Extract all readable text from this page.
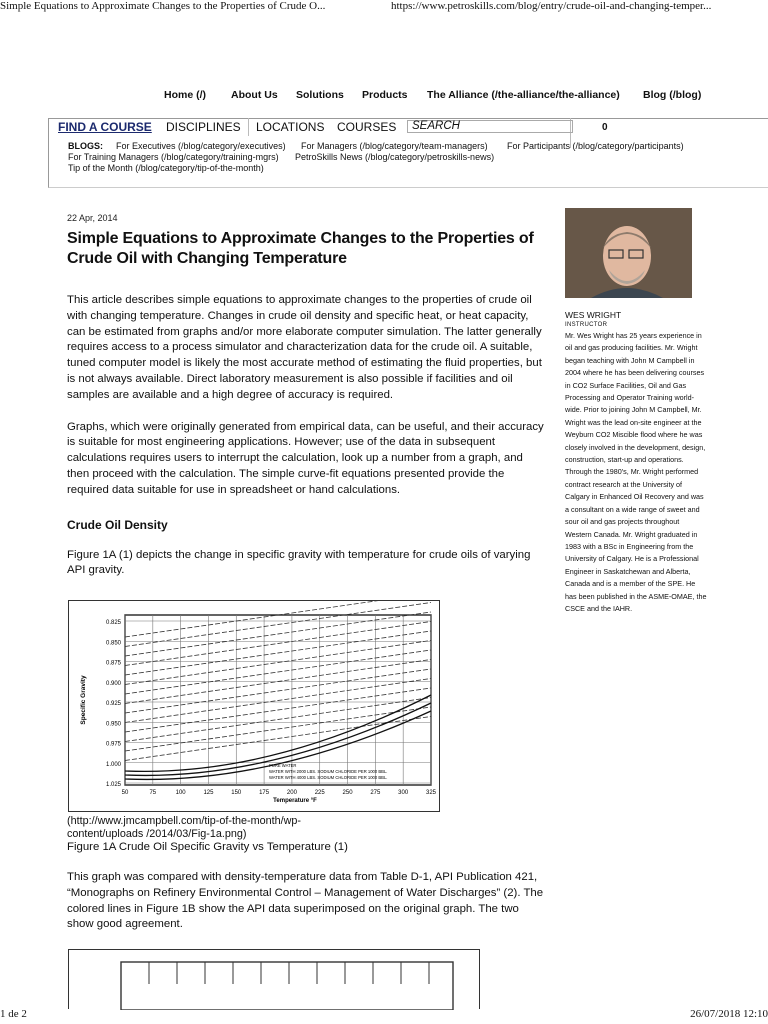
Simple Equations to Approximate Changes to the Properties of Crude O...	https://www.petroskills.com/blog/entry/crude-oil-and-changing-temper...
Home (/) About Us Solutions Products The Alliance (/the-alliance/the-alliance) Blog (/blog)
FIND A COURSE DISCIPLINES LOCATIONS COURSES	0
SEARCH
BLOGS: For Executives (/blog/category/executives) For Managers (/blog/category/team-managers) For Participants (/blog/category/participants)
For Training Managers (/blog/category/training-mgrs) PetroSkills News (/blog/category/petroskills-news)
Tip of the Month (/blog/category/tip-of-the-month)
22 Apr, 2014
Simple Equations to Approximate Changes to the Properties of Crude Oil with Changing Temperature

This article describes simple equations to approximate changes to the properties of crude oil with changing temperature. Changes in crude oil density and specific heat, or heat capacity, can be estimated from graphs and/or more elaborate computer simulation. The latter generally requires access to a process simulator and characterization data for the crude oil. A suitable, tuned computer model is likely the most accurate method of estimating the fluid properties, but is not always available. Direct laboratory measurement is also possible if facilities and oil samples are available and a high degree of accuracy is required.

Graphs, which were originally generated from empirical data, can be useful, and their accuracy is suitable for most engineering applications. However; use of the data in subsequent calculations requires users to interrupt the calculation, look up a number from a graph, and then proceed with the calculation. The simple curve-fit equations presented provide the required data suitable for use in spreadsheet or hand calculations.

Crude Oil Density

Figure 1A (1) depicts the change in specific gravity with temperature for crude oils of varying API gravity.

0.825
0.850
0.875
0.900
0.925
0.950
0.975
1.000
1.025
50	75	100	125	150	175	200	225	250	275	300	325
Temperature °F
Specific Gravity
PURE WATER
WATER WITH 2000 LBS. SODIUM CHLORIDE PER 1000 BBL.
WATER WITH 4000 LBS. SODIUM CHLORIDE PER 1000 BBL.
(http://www.jmcampbell.com/tip-of-the-month/wp-content/uploads /2014/03/Fig-1a.png)
Figure 1A Crude Oil Specific Gravity vs Temperature (1)

This graph was compared with density-temperature data from Table D-1, API Publication 421, “Monographs on Refinery Environmental Control – Management of Water Discharges” (2). The colored lines in Figure 1B show the API data superimposed on the original graph. The two show good agreement.

WES WRIGHT
INSTRUCTOR
Mr. Wes Wright has 25 years experience in oil and gas producing facilities. Mr. Wright began teaching with John M Campbell in 2004 where he has been delivering courses in CO2 Surface Facilities, Oil and Gas Processing and Operator Training world-wide. Prior to joining John M Campbell, Mr. Wright was the lead on-site engineer at the Weyburn CO2 Miscible flood where he was closely involved in the development, design, construction, start-up and operations. Through the 1980's, Mr. Wright performed contract research at the University of Calgary in Enhanced Oil Recovery and was a consultant on a wide range of sweet and sour oil and gas projects throughout Western Canada. Mr. Wright graduated in 1983 with a BSc in Engineering from the University of Calgary. He is a Professional Engineer in Saskatchewan and Alberta, Canada and is a member of the SPE. He has been published in the ASME-OMAE, the CSCE and the IAHR.
1 de 2	26/07/2018 12:10
